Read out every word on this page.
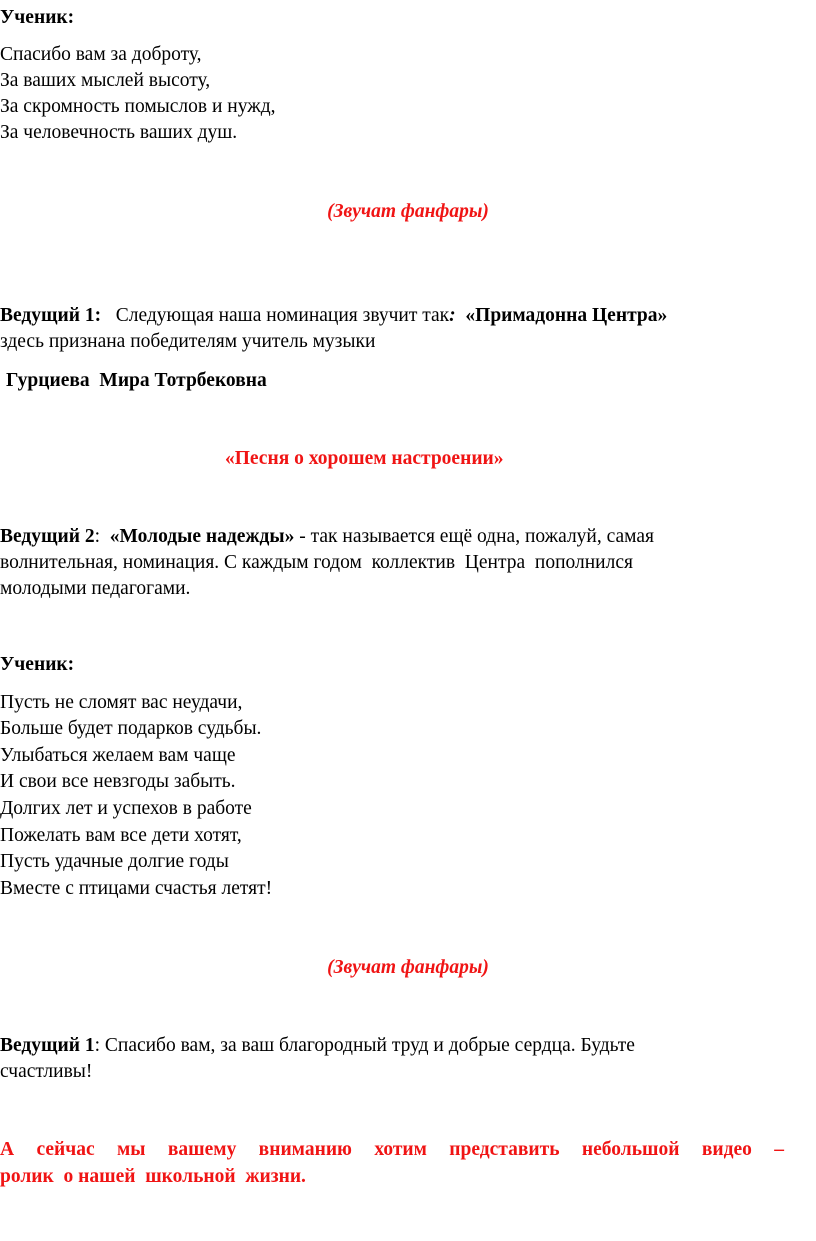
Ученик:
Спасибо вам за доброту,
За ваших мыслей высоту,
За скромность помыслов и нужд,
За человечность ваших душ.
(Звучат фанфары)
Ведущий 1: Следующая наша номинация звучит так: «Примадонна Центра»
здесь признана победителям учитель музыки
Гурциева  Мира Тотрбековна
«Песня о хорошем настроении»
Ведущий 2: «Молодые надежды» - так называется ещё одна, пожалуй, самая
волнительная, номинация. С каждым годом  коллектив  Центра  пополнился
молодыми педагогами.
Ученик:
Пусть не сломят вас неудачи,
Больше будет подарков судьбы.
Улыбаться желаем вам чаще
И свои все невзгоды забыть.
Долгих лет и успехов в работе
Пожелать вам все дети хотят,
Пусть удачные долгие годы
Вместе с птицами счастья летят!
(Звучат фанфары)
Ведущий 1: Спасибо вам, за ваш благородный труд и добрые сердца. Будьте
счастливы!
А сейчас мы вашему вниманию хотим представить небольшой видео –
ролик  о нашей  школьной  жизни.
